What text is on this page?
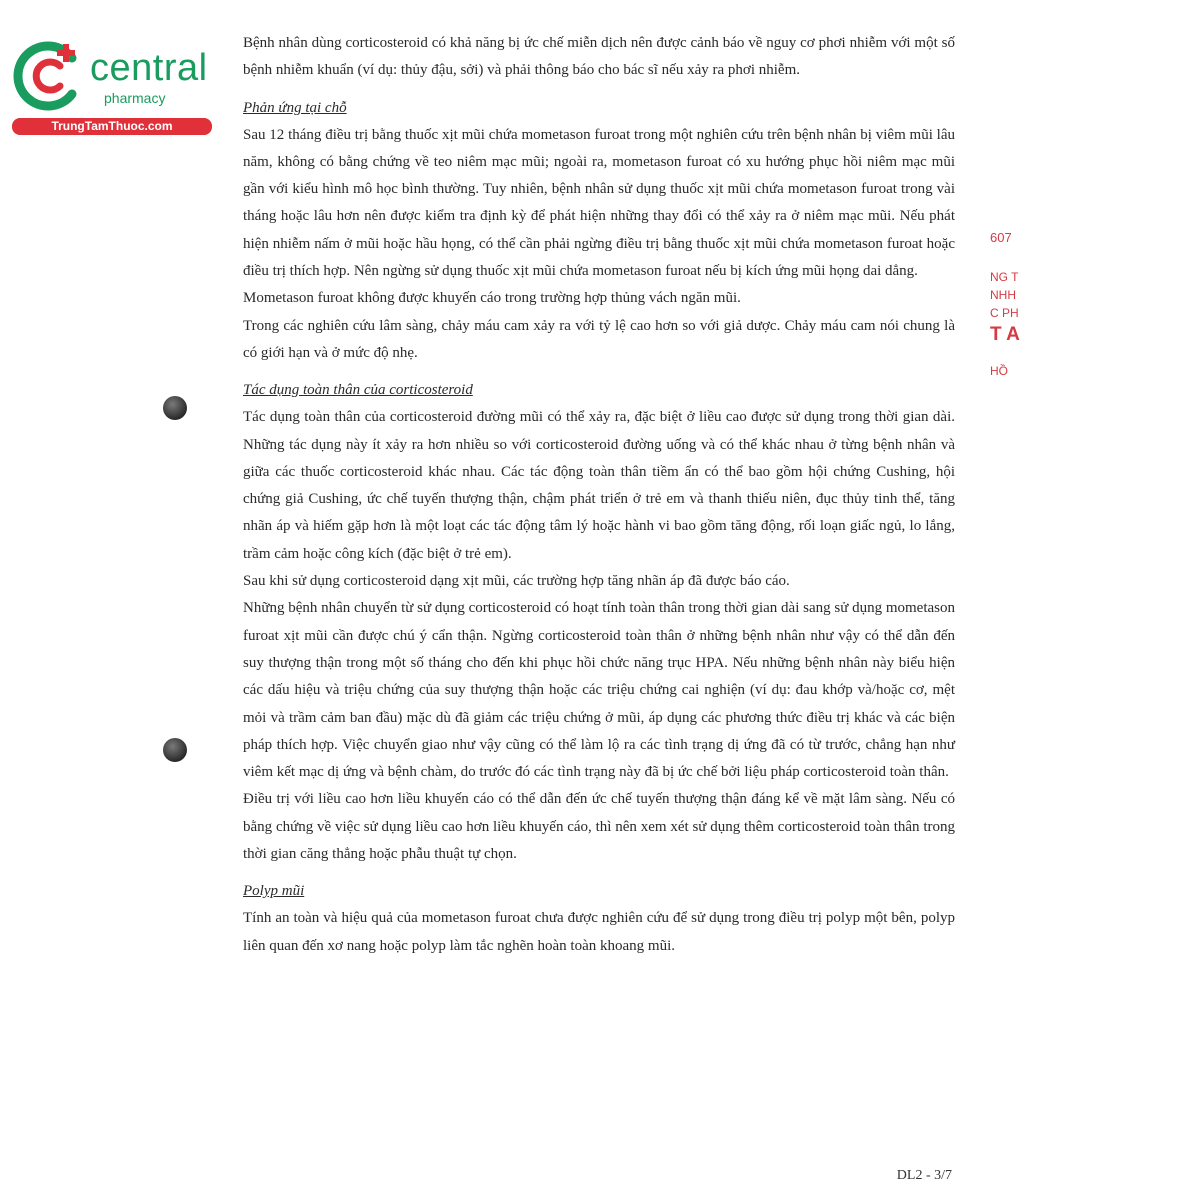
central
pharmacy
TrungTamThuoc.com
607
NG T
NHH
C PH
T A
HỒ

Bệnh nhân dùng corticosteroid có khả năng bị ức chế miễn dịch nên được cảnh báo về nguy cơ phơi nhiễm với một số bệnh nhiễm khuẩn (ví dụ: thủy đậu, sởi) và phải thông báo cho bác sĩ nếu xảy ra phơi nhiễm.

Phản ứng tại chỗ

Sau 12 tháng điều trị bằng thuốc xịt mũi chứa mometason furoat trong một nghiên cứu trên bệnh nhân bị viêm mũi lâu năm, không có bằng chứng về teo niêm mạc mũi; ngoài ra, mometason furoat có xu hướng phục hồi niêm mạc mũi gần với kiểu hình mô học bình thường. Tuy nhiên, bệnh nhân sử dụng thuốc xịt mũi chứa mometason furoat trong vài tháng hoặc lâu hơn nên được kiểm tra định kỳ để phát hiện những thay đổi có thể xảy ra ở niêm mạc mũi. Nếu phát hiện nhiễm nấm ở mũi hoặc hầu họng, có thể cần phải ngừng điều trị bằng thuốc xịt mũi chứa mometason furoat hoặc điều trị thích hợp. Nên ngừng sử dụng thuốc xịt mũi chứa mometason furoat nếu bị kích ứng mũi họng dai dẳng.

Mometason furoat không được khuyến cáo trong trường hợp thủng vách ngăn mũi.

Trong các nghiên cứu lâm sàng, chảy máu cam xảy ra với tỷ lệ cao hơn so với giả dược. Chảy máu cam nói chung là có giới hạn và ở mức độ nhẹ.

Tác dụng toàn thân của corticosteroid

Tác dụng toàn thân của corticosteroid đường mũi có thể xảy ra, đặc biệt ở liều cao được sử dụng trong thời gian dài. Những tác dụng này ít xảy ra hơn nhiều so với corticosteroid đường uống và có thể khác nhau ở từng bệnh nhân và giữa các thuốc corticosteroid khác nhau. Các tác động toàn thân tiềm ẩn có thể bao gồm hội chứng Cushing, hội chứng giả Cushing, ức chế tuyến thượng thận, chậm phát triển ở trẻ em và thanh thiếu niên, đục thủy tinh thể, tăng nhãn áp và hiếm gặp hơn là một loạt các tác động tâm lý hoặc hành vi bao gồm tăng động, rối loạn giấc ngủ, lo lắng, trầm cảm hoặc công kích (đặc biệt ở trẻ em).

Sau khi sử dụng corticosteroid dạng xịt mũi, các trường hợp tăng nhãn áp đã được báo cáo.

Những bệnh nhân chuyển từ sử dụng corticosteroid có hoạt tính toàn thân trong thời gian dài sang sử dụng mometason furoat xịt mũi cần được chú ý cẩn thận. Ngừng corticosteroid toàn thân ở những bệnh nhân như vậy có thể dẫn đến suy thượng thận trong một số tháng cho đến khi phục hồi chức năng trục HPA. Nếu những bệnh nhân này biểu hiện các dấu hiệu và triệu chứng của suy thượng thận hoặc các triệu chứng cai nghiện (ví dụ: đau khớp và/hoặc cơ, mệt mỏi và trầm cảm ban đầu) mặc dù đã giảm các triệu chứng ở mũi, áp dụng các phương thức điều trị khác và các biện pháp thích hợp. Việc chuyển giao như vậy cũng có thể làm lộ ra các tình trạng dị ứng đã có từ trước, chẳng hạn như viêm kết mạc dị ứng và bệnh chàm, do trước đó các tình trạng này đã bị ức chế bởi liệu pháp corticosteroid toàn thân.

Điều trị với liều cao hơn liều khuyến cáo có thể dẫn đến ức chế tuyến thượng thận đáng kể về mặt lâm sàng. Nếu có bằng chứng về việc sử dụng liều cao hơn liều khuyến cáo, thì nên xem xét sử dụng thêm corticosteroid toàn thân trong thời gian căng thẳng hoặc phẫu thuật tự chọn.

Polyp mũi

Tính an toàn và hiệu quả của mometason furoat chưa được nghiên cứu để sử dụng trong điều trị polyp một bên, polyp liên quan đến xơ nang hoặc polyp làm tắc nghẽn hoàn toàn khoang mũi.

DL2 - 3/7
